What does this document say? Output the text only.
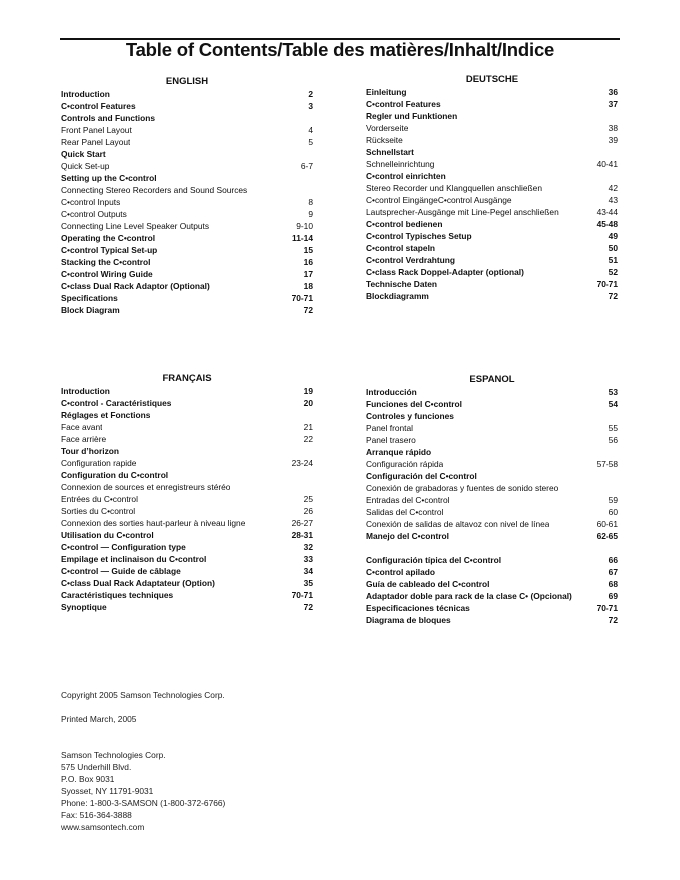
Table of Contents/Table des matières/Inhalt/Indice
ENGLISH
Introduction	2
C•control Features	3
Controls and Functions
Front Panel Layout	4
Rear Panel Layout	5
Quick Start
Quick Set-up	6-7
Setting up the C•control
Connecting Stereo Recorders and Sound Sources
C•control Inputs	8
C•control Outputs	9
Connecting Line Level Speaker Outputs	9-10
Operating the C•control	11-14
C•control Typical Set-up	15
Stacking the C•control	16
C•control Wiring Guide	17
C•class Dual Rack Adaptor (Optional)	18
Specifications	70-71
Block Diagram	72
DEUTSCHE
Einleitung	36
C•control Features	37
Regler und Funktionen
Vorderseite	38
Rückseite	39
Schnellstart
Schnelleinrichtung	40-41
C•control einrichten
Stereo Recorder und Klangquellen anschließen	42
C•control EingängeC•control Ausgänge	43
Lautsprecher-Ausgänge mit Line-Pegel anschließen	43-44
C•control bedienen	45-48
C•control Typisches Setup	49
C•control stapeln	50
C•control Verdrahtung	51
C•class Rack Doppel-Adapter (optional)	52
Technische Daten	70-71
Blockdiagramm	72
FRANÇAIS
Introduction	19
C•control - Caractéristiques	20
Réglages et Fonctions
Face avant	21
Face arrière	22
Tour d’horizon
Configuration rapide	23-24
Configuration du C•control
Connexion de sources et enregistreurs stéréo
Entrées du C•control	25
Sorties du C•control	26
Connexion des sorties haut-parleur à niveau ligne	26-27
Utilisation du C•control	28-31
C•control — Configuration type	32
Empilage et inclinaison du C•control	33
C•control — Guide de câblage	34
C•class Dual Rack Adaptateur (Option)	35
Caractéristiques techniques	70-71
Synoptique	72
ESPANOL
Introducción	53
Funciones del C•control	54
Controles y funciones
Panel frontal	55
Panel trasero	56
Arranque rápido
Configuración rápida	57-58
Configuración del C•control
Conexión de grabadoras y fuentes de sonido stereo
Entradas del C•control	59
Salidas del C•control	60
Conexión de salidas de altavoz con nivel de línea	60-61
Manejo del C•control	62-65
Configuración típica del C•control	66
C•control apilado	67
Guía de cableado del C•control	68
Adaptador doble para rack de la clase C• (Opcional)	69
Especificaciones técnicas	70-71
Diagrama de bloques	72
Copyright 2005 Samson Technologies Corp.
Printed March, 2005
Samson Technologies Corp.
575 Underhill Blvd.
P.O. Box 9031
Syosset, NY 11791-9031
Phone: 1-800-3-SAMSON (1-800-372-6766)
Fax: 516-364-3888
www.samsontech.com
